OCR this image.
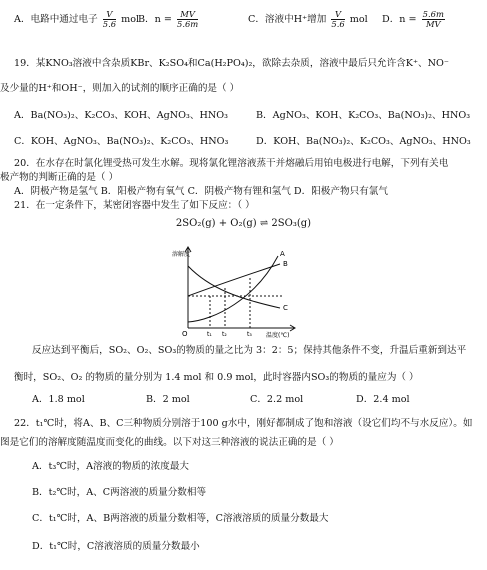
A．电路中通过电子 $\frac{V}{5.6}$ mol
B．$n = \frac{MV}{5.6m}$	C．溶液中H⁺增加 $\frac{V}{5.6}$ mol D．$n = \frac{5.6m}{MV}$
19．某KNO₃溶液中含杂质KBr、K₂SO₄和Ca(H₂PO₄)₂，欲除去杂质，溶液中最后只允许含K⁺、NO⁻
及少量的H⁺和OH⁻，则加入的试剂的顺序正确的是（ ）
A．Ba(NO₃)₂、K₂CO₃、KOH、AgNO₃、HNO₃	B．AgNO₃、KOH、K₂CO₃、Ba(NO₃)₂、HNO₃
C．KOH、AgNO₃、Ba(NO₃)₂、K₂CO₃、HNO₃	D．KOH、Ba(NO₃)₂、K₂CO₃、AgNO₃、HNO₃
20．在水存在时氯化锂受热可发生水解。现将氯化锂溶液蒸干并熔融后用铂电极进行电解，下列有关电
极产物的判断正确的是（ ）
A．阴极产物是氢气 B．阳极产物有氧气 C．阴极产物有锂和氢气 D．阳极产物只有氯气
21．在一定条件下，某密闭容器中发生了如下反应：（ ）
2SO₂(g) + O₂(g) ⇌ 2SO₃(g)
溶解度
O	t₁ t₂	t₃ 温度(℃)
A
B
C
反应达到平衡后，SO₂、O₂、SO₃的物质的量之比为 3：2：5；保持其他条件不变，升温后重新到达平
衡时，SO₂、O₂ 的物质的量分别为 1.4 mol 和 0.9 mol，此时容器内SO₃的物质的量应为（ ）
A．1.8 mol	B．2 mol	C．2.2 mol	D．2.4 mol
22．t₁℃时，将A、B、C三种物质分别溶于100 g水中，刚好都制成了饱和溶液（设它们均不与水反应）。如
图是它们的溶解度随温度而变化的曲线。以下对这三种溶液的说法正确的是（ ）
A．t₃℃时，A溶液的物质的浓度最大
B．t₂℃时，A、C两溶液的质量分数相等
C．t₁℃时，A、B两溶液的质量分数相等，C溶液溶质的质量分数最大
D．t₁℃时，C溶液溶质的质量分数最小
